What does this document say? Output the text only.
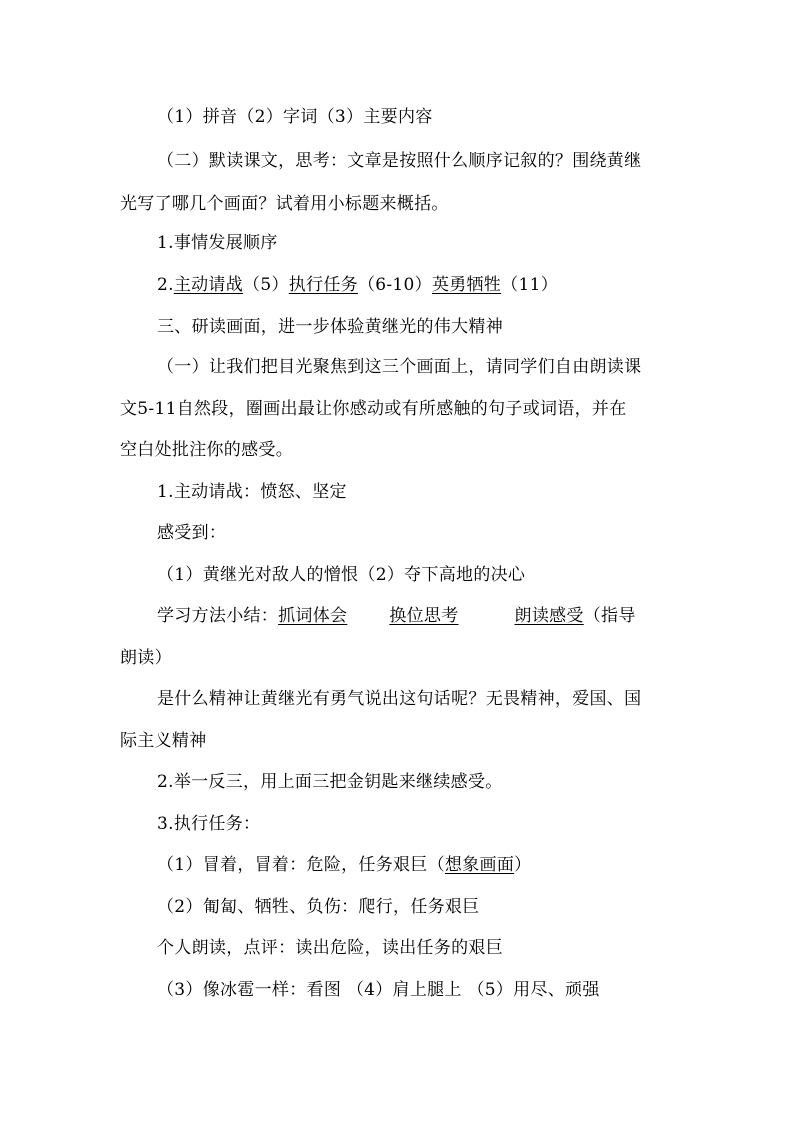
（1）拼音（2）字词（3）主要内容
（二）默读课文，思考：文章是按照什么顺序记叙的？围绕黄继
光写了哪几个画面？试着用小标题来概括。
1.事情发展顺序
2.主动请战（5）执行任务（6-10）英勇牺牲（11）
三、研读画面，进一步体验黄继光的伟大精神
（一）让我们把目光聚焦到这三个画面上，请同学们自由朗读课
文5-11自然段，圈画出最让你感动或有所感触的句子或词语，并在
空白处批注你的感受。
1.主动请战：愤怒、坚定
感受到：
（1）黄继光对敌人的憎恨（2）夺下高地的决心
学习方法小结：抓词体会 换位思考	朗读感受（指导
朗读）
是什么精神让黄继光有勇气说出这句话呢？无畏精神，爱国、国
际主义精神
2.举一反三，用上面三把金钥匙来继续感受。
3.执行任务：
（1）冒着，冒着：危险，任务艰巨（想象画面）
（2）匍匐、牺牲、负伤：爬行，任务艰巨
个人朗读，点评：读出危险，读出任务的艰巨
（3）像冰雹一样：看图 （4）肩上腿上 （5）用尽、顽强
